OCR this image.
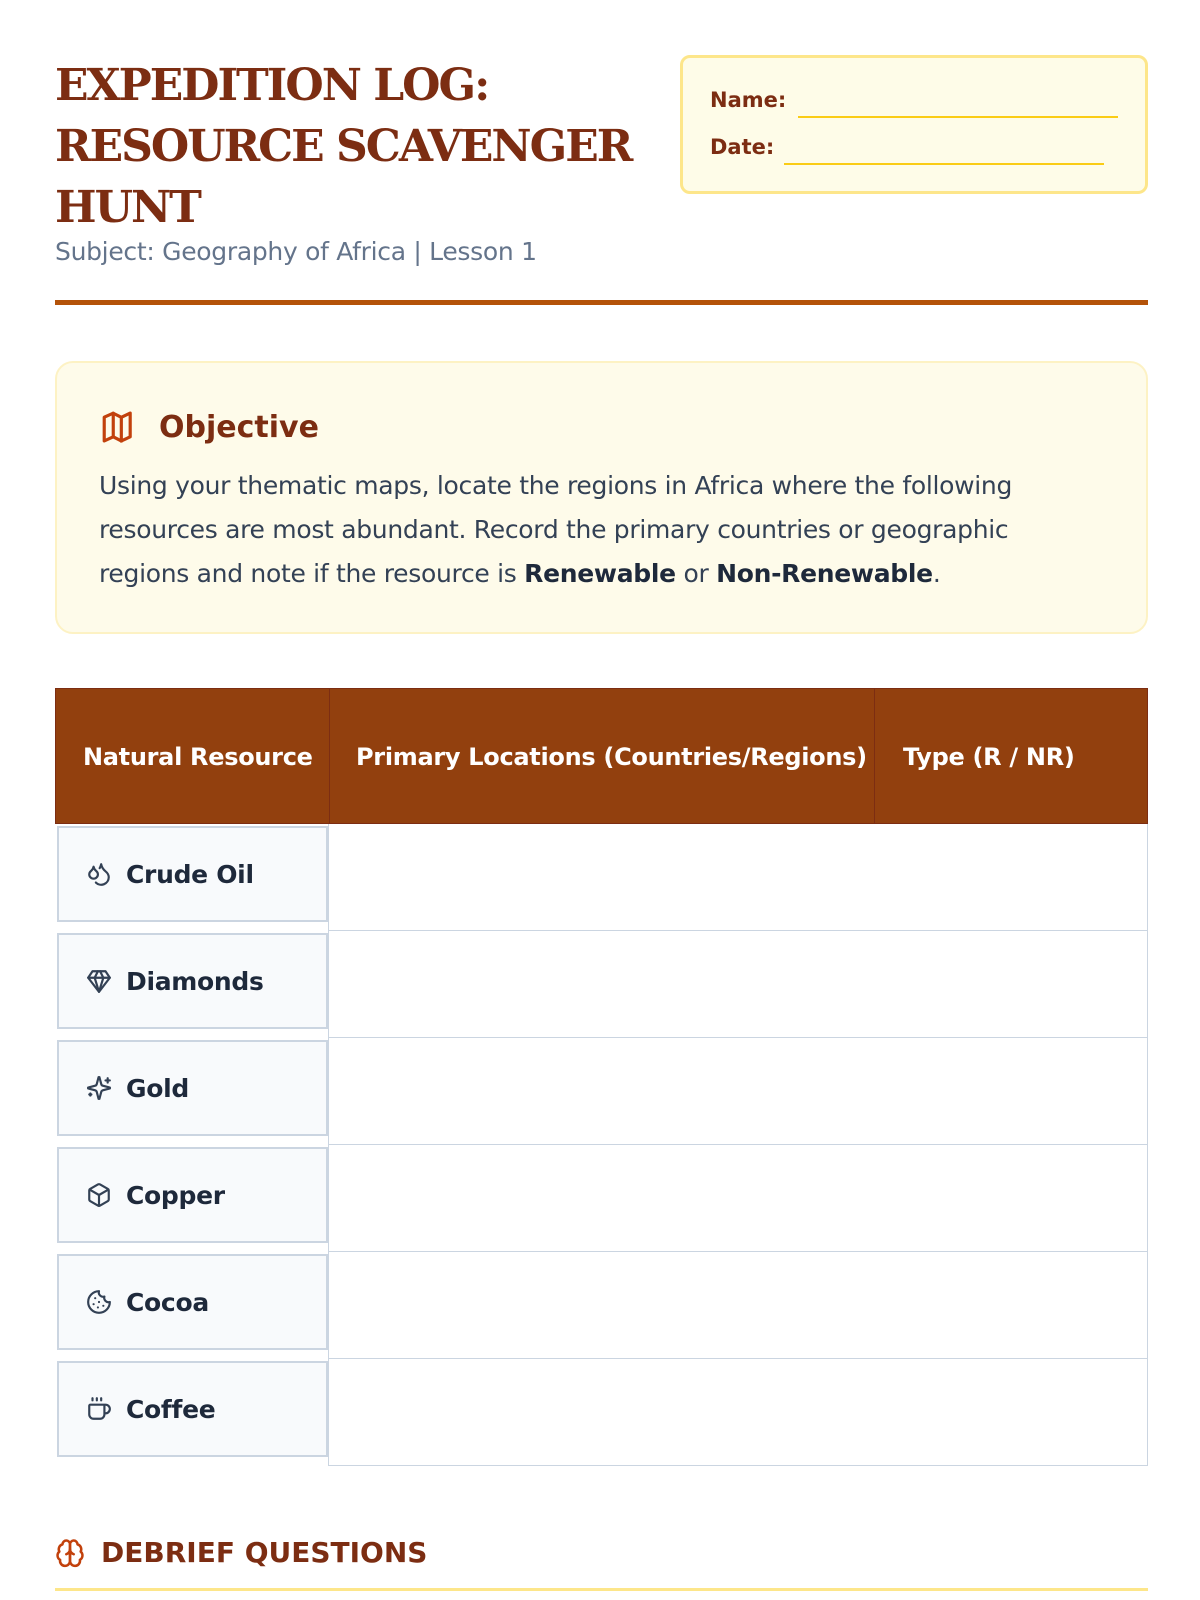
EXPEDITION LOG:
RESOURCE SCAVENGER
HUNT
Subject: Geography of Africa | Lesson 1
Name:
Date:
Objective
Using your thematic maps, locate the regions in Africa where the following resources are most abundant. Record the primary countries or geographic regions and note if the resource is Renewable or Non-Renewable.
Natural Resource Primary Locations (Countries/Regions)	Type (R / NR)
Crude Oil
Diamonds
Gold
Copper
Cocoa
Coffee
DEBRIEF QUESTIONS
